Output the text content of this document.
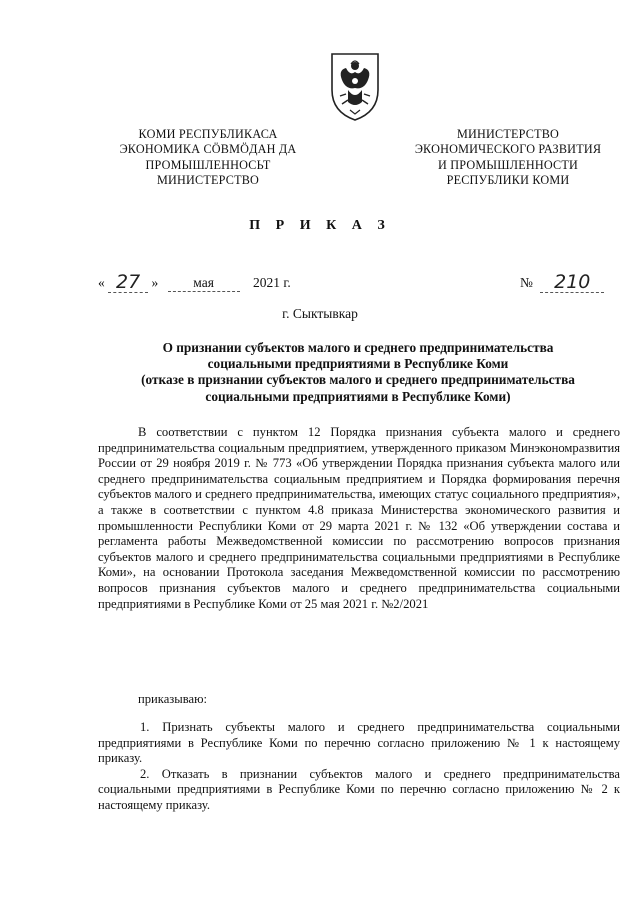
КОМИ РЕСПУБЛИКАСА
ЭКОНОМИКА СӦВМӦДАН ДА
ПРОМЫШЛЕННОСЬТ
МИНИСТЕРСТВО
МИНИСТЕРСТВО
ЭКОНОМИЧЕСКОГО РАЗВИТИЯ
И ПРОМЫШЛЕННОСТИ
РЕСПУБЛИКИ КОМИ
П Р И К А З
« 27 »	мая	2021 г.	№ 210
г. Сыктывкар
О признании субъектов малого и среднего предпринимательства
социальными предприятиями в Республике Коми
(отказе в признании субъектов малого и среднего предпринимательства
социальными предприятиями в Республике Коми)

В соответствии с пунктом 12 Порядка признания субъекта малого и среднего предпринимательства социальным предприятием, утвержденного приказом Минэкономразвития России от 29 ноября 2019 г. № 773 «Об утверждении Порядка признания субъекта малого или среднего предпринимательства социальным предприятием и Порядка формирования перечня субъектов малого и среднего предпринимательства, имеющих статус социального предприятия», а также в соответствии с пунктом 4.8 приказа Министерства экономического развития и промышленности Республики Коми от 29 марта 2021 г. № 132 «Об утверждении состава и регламента работы Межведомственной комиссии по рассмотрению вопросов признания субъектов малого и среднего предпринимательства социальными предприятиями в Республике Коми», на основании Протокола заседания Межведомственной комиссии по рассмотрению вопросов признания субъектов малого и среднего предпринимательства социальными предприятиями в Республике Коми от 25 мая 2021 г. №2/2021

приказываю:

1. Признать субъекты малого и среднего предпринимательства социальными предприятиями в Республике Коми по перечню согласно приложению № 1 к настоящему приказу.

2. Отказать в признании субъектов малого и среднего предпринимательства социальными предприятиями в Республике Коми по перечню согласно приложению № 2 к настоящему приказу.
